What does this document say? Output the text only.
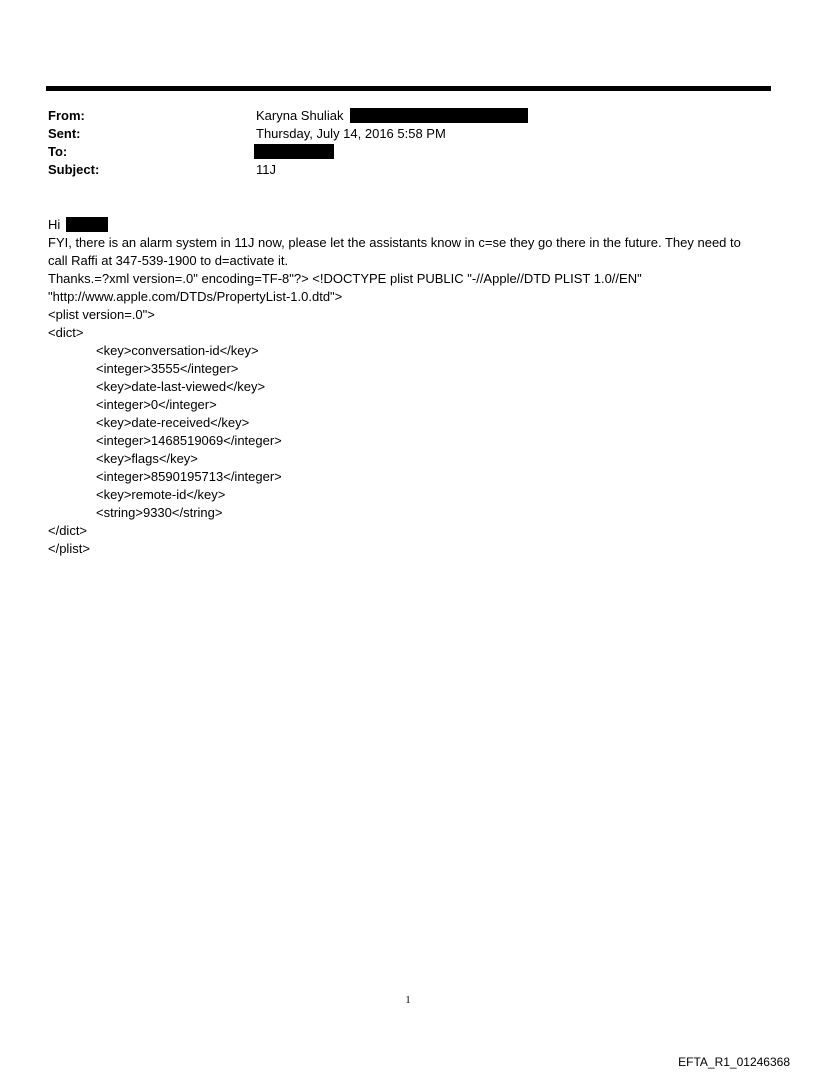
From:	Karyna Shuliak
Sent:	Thursday, July 14, 2016 5:58 PM
To:
Subject:	11J
Hi
FYI, there is an alarm system in 11J now, please let the assistants know in c=se they go there in the future. They need to
call Raffi at 347-539-1900 to d=activate it.
Thanks.=?xml version=.0" encoding=TF-8"?> <!DOCTYPE plist PUBLIC "-//Apple//DTD PLIST 1.0//EN"
"http://www.apple.com/DTDs/PropertyList-1.0.dtd">
<plist version=.0">
<dict>
<key>conversation-id</key>
<integer>3555</integer>
<key>date-last-viewed</key>
<integer>0</integer>
<key>date-received</key>
<integer>1468519069</integer>
<key>flags</key>
<integer>8590195713</integer>
<key>remote-id</key>
<string>9330</string>
</dict>
</plist>
1
EFTA_R1_01246368
